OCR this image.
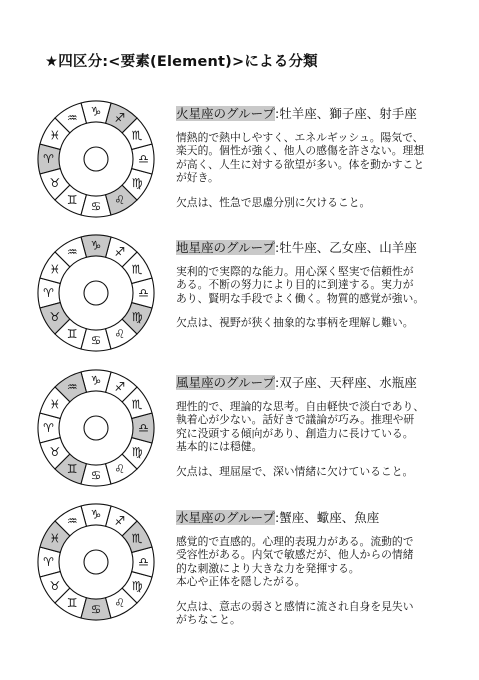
★四区分:<要素(Element)>による分類
♈
♉
♊ ♋ ♌
♍
♎
♏
♐
♑
♒
♓
火星座のグループ:牡羊座、獅子座、射手座

情熱的で熱中しやすく、エネルギッシュ。陽気で、

楽天的。個性が強く、他人の感傷を許さない。理想

が高く、人生に対する欲望が多い。体を動かすこと

が好き。

欠点は、性急で思慮分別に欠けること。

♈
♉
♊ ♋ ♌
♍
♎
♏
♐
♑
♒
♓
地星座のグループ:牡牛座、乙女座、山羊座

実利的で実際的な能力。用心深く堅実で信頼性が

ある。不断の努力により目的に到達する。実力が

あり、賢明な手段でよく働く。物質的感覚が強い。

欠点は、視野が狭く抽象的な事柄を理解し難い。

♈
♉
♊ ♋ ♌
♍
♎
♏
♐
♑
♒
♓
風星座のグループ:双子座、天秤座、水瓶座

理性的で、理論的な思考。自由軽快で淡白であり、

執着心が少ない。話好きで議論が巧み。推理や研

究に没頭する傾向があり、創造力に長けている。

基本的には穏健。

欠点は、理屈屋で、深い情緒に欠けていること。

♈
♉
♊ ♋ ♌
♍
♎
♏
♐
♑
♒
♓
水星座のグループ:蟹座、蠍座、魚座

感覚的で直感的。心理的表現力がある。流動的で

受容性がある。内気で敏感だが、他人からの情緒

的な刺激により大きな力を発揮する。

本心や正体を隠したがる。

欠点は、意志の弱さと感情に流され自身を見失い

がちなこと。
